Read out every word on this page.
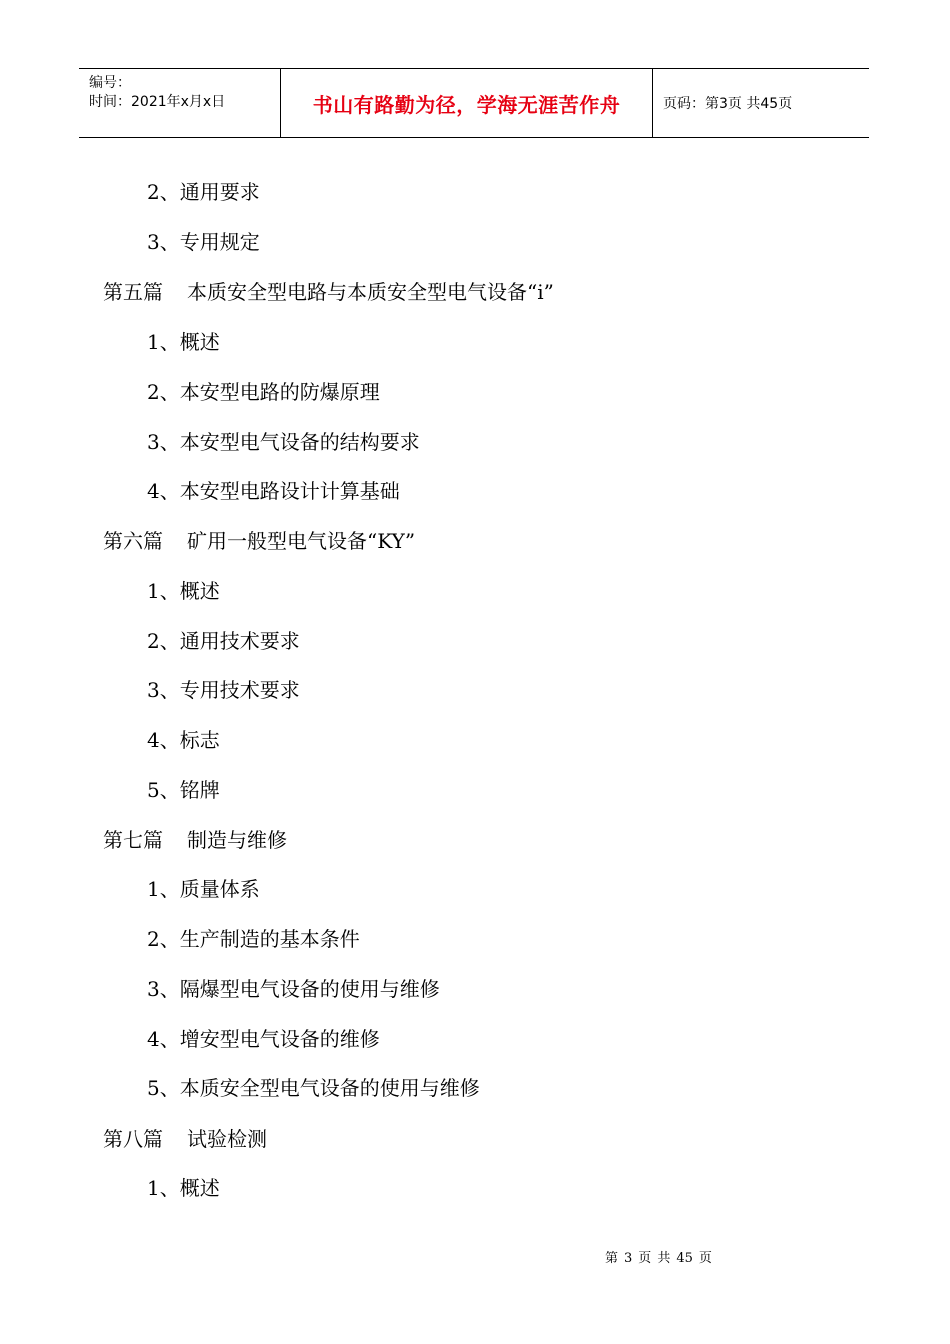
编号：
时间：2021年x月x日	书山有路勤为径，学海无涯苦作舟	页码：第3页 共45页
2、通用要求
3、专用规定
第五篇 本质安全型电路与本质安全型电气设备“i”
1、概述
2、本安型电路的防爆原理
3、本安型电气设备的结构要求
4、本安型电路设计计算基础
第六篇 矿用一般型电气设备“KY”
1、概述
2、通用技术要求
3、专用技术要求
4、标志
5、铭牌
第七篇 制造与维修
1、质量体系
2、生产制造的基本条件
3、隔爆型电气设备的使用与维修
4、增安型电气设备的维修
5、本质安全型电气设备的使用与维修
第八篇 试验检测
1、概述
第 3 页 共 45 页
